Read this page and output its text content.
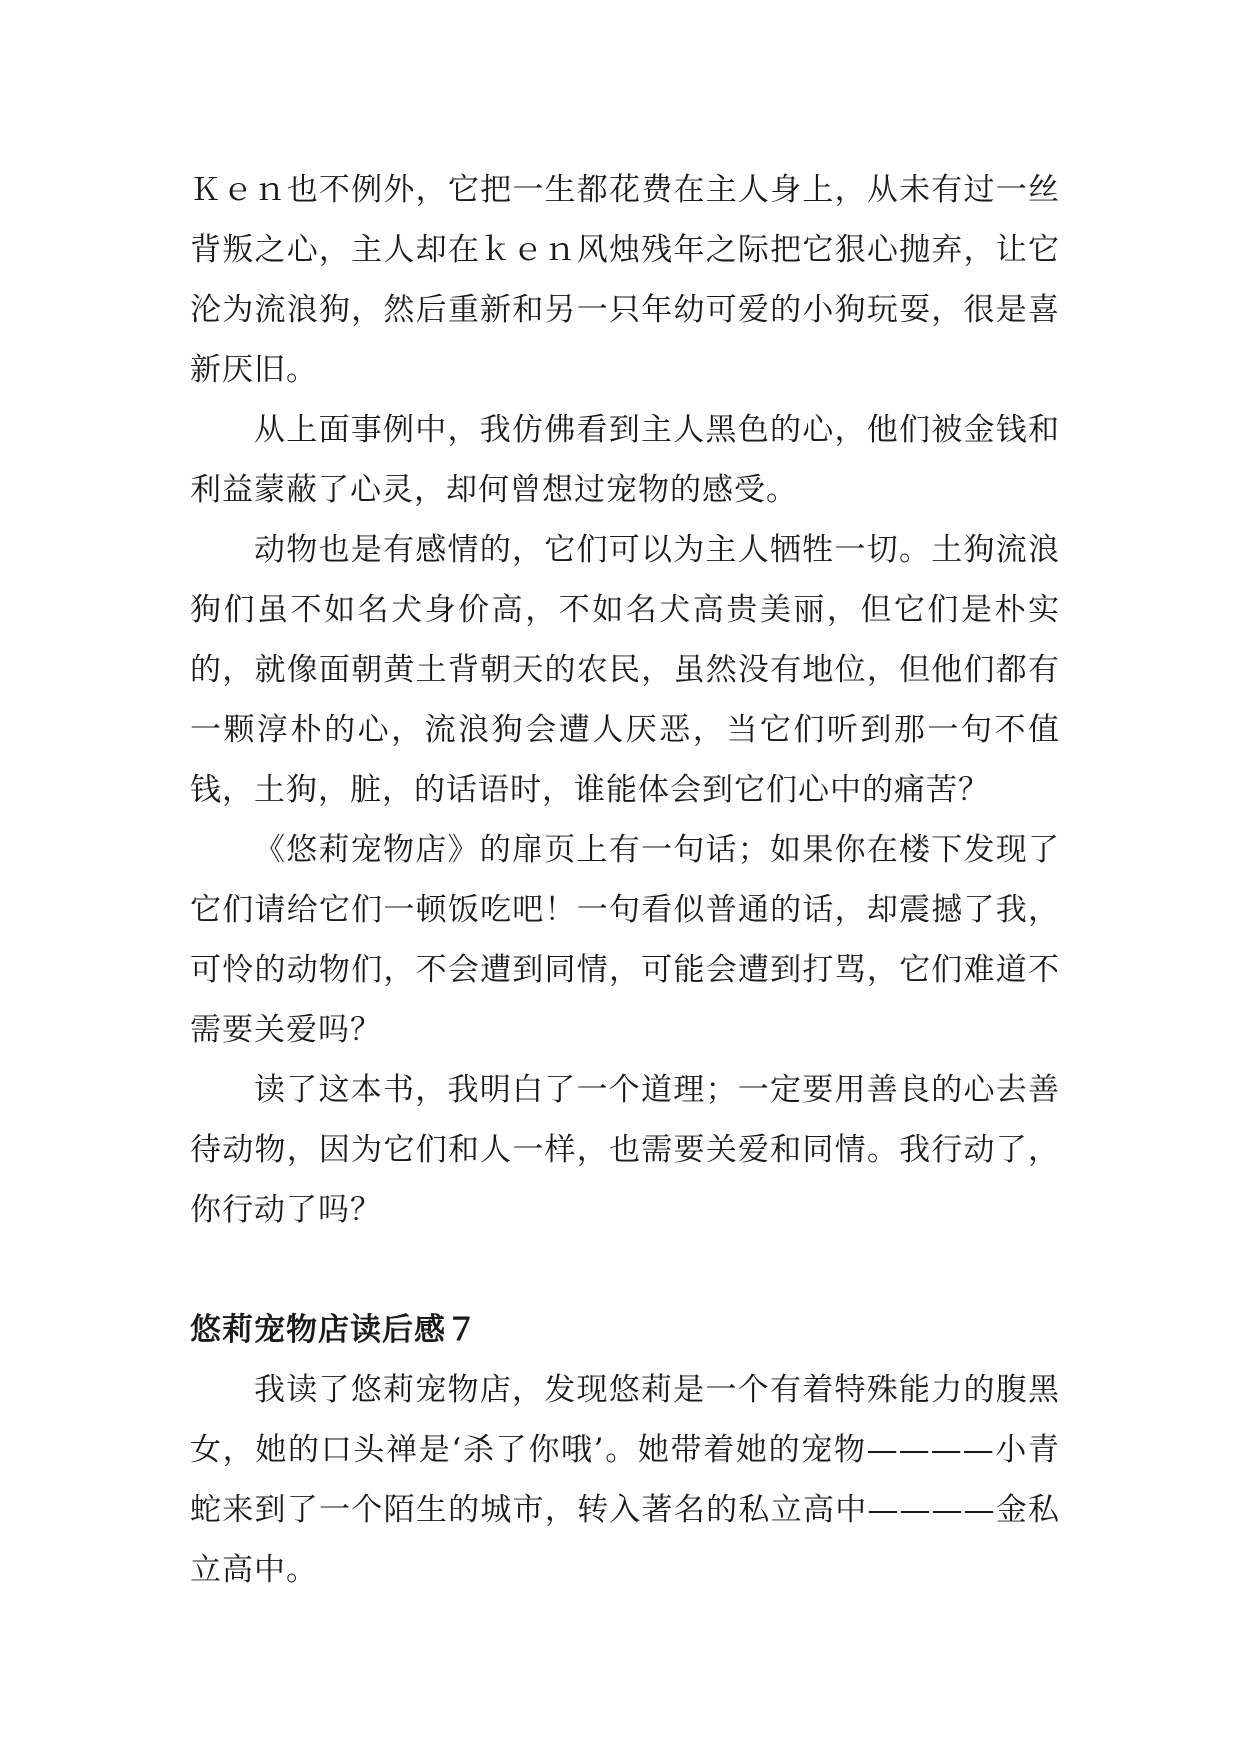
Ｋｅｎ也不例外，它把一生都花费在主人身上，从未有过一丝背叛之心，主人却在ｋｅｎ风烛残年之际把它狠心抛弃，让它沦为流浪狗，然后重新和另一只年幼可爱的小狗玩耍，很是喜新厌旧。

从上面事例中，我仿佛看到主人黑色的心，他们被金钱和利益蒙蔽了心灵，却何曾想过宠物的感受。

动物也是有感情的，它们可以为主人牺牲一切。土狗流浪狗们虽不如名犬身价高，不如名犬高贵美丽，但它们是朴实的，就像面朝黄土背朝天的农民，虽然没有地位，但他们都有一颗淳朴的心，流浪狗会遭人厌恶，当它们听到那一句不值钱，土狗，脏，的话语时，谁能体会到它们心中的痛苦？

《悠莉宠物店》的扉页上有一句话；如果你在楼下发现了它们请给它们一顿饭吃吧！一句看似普通的话，却震撼了我，可怜的动物们，不会遭到同情，可能会遭到打骂，它们难道不需要关爱吗？

读了这本书，我明白了一个道理；一定要用善良的心去善待动物，因为它们和人一样，也需要关爱和同情。我行动了，你行动了吗？

悠莉宠物店读后感７

我读了悠莉宠物店，发现悠莉是一个有着特殊能力的腹黑女，她的口头禅是‘杀了你哦’。她带着她的宠物————小青蛇来到了一个陌生的城市，转入著名的私立高中————金私立高中。
